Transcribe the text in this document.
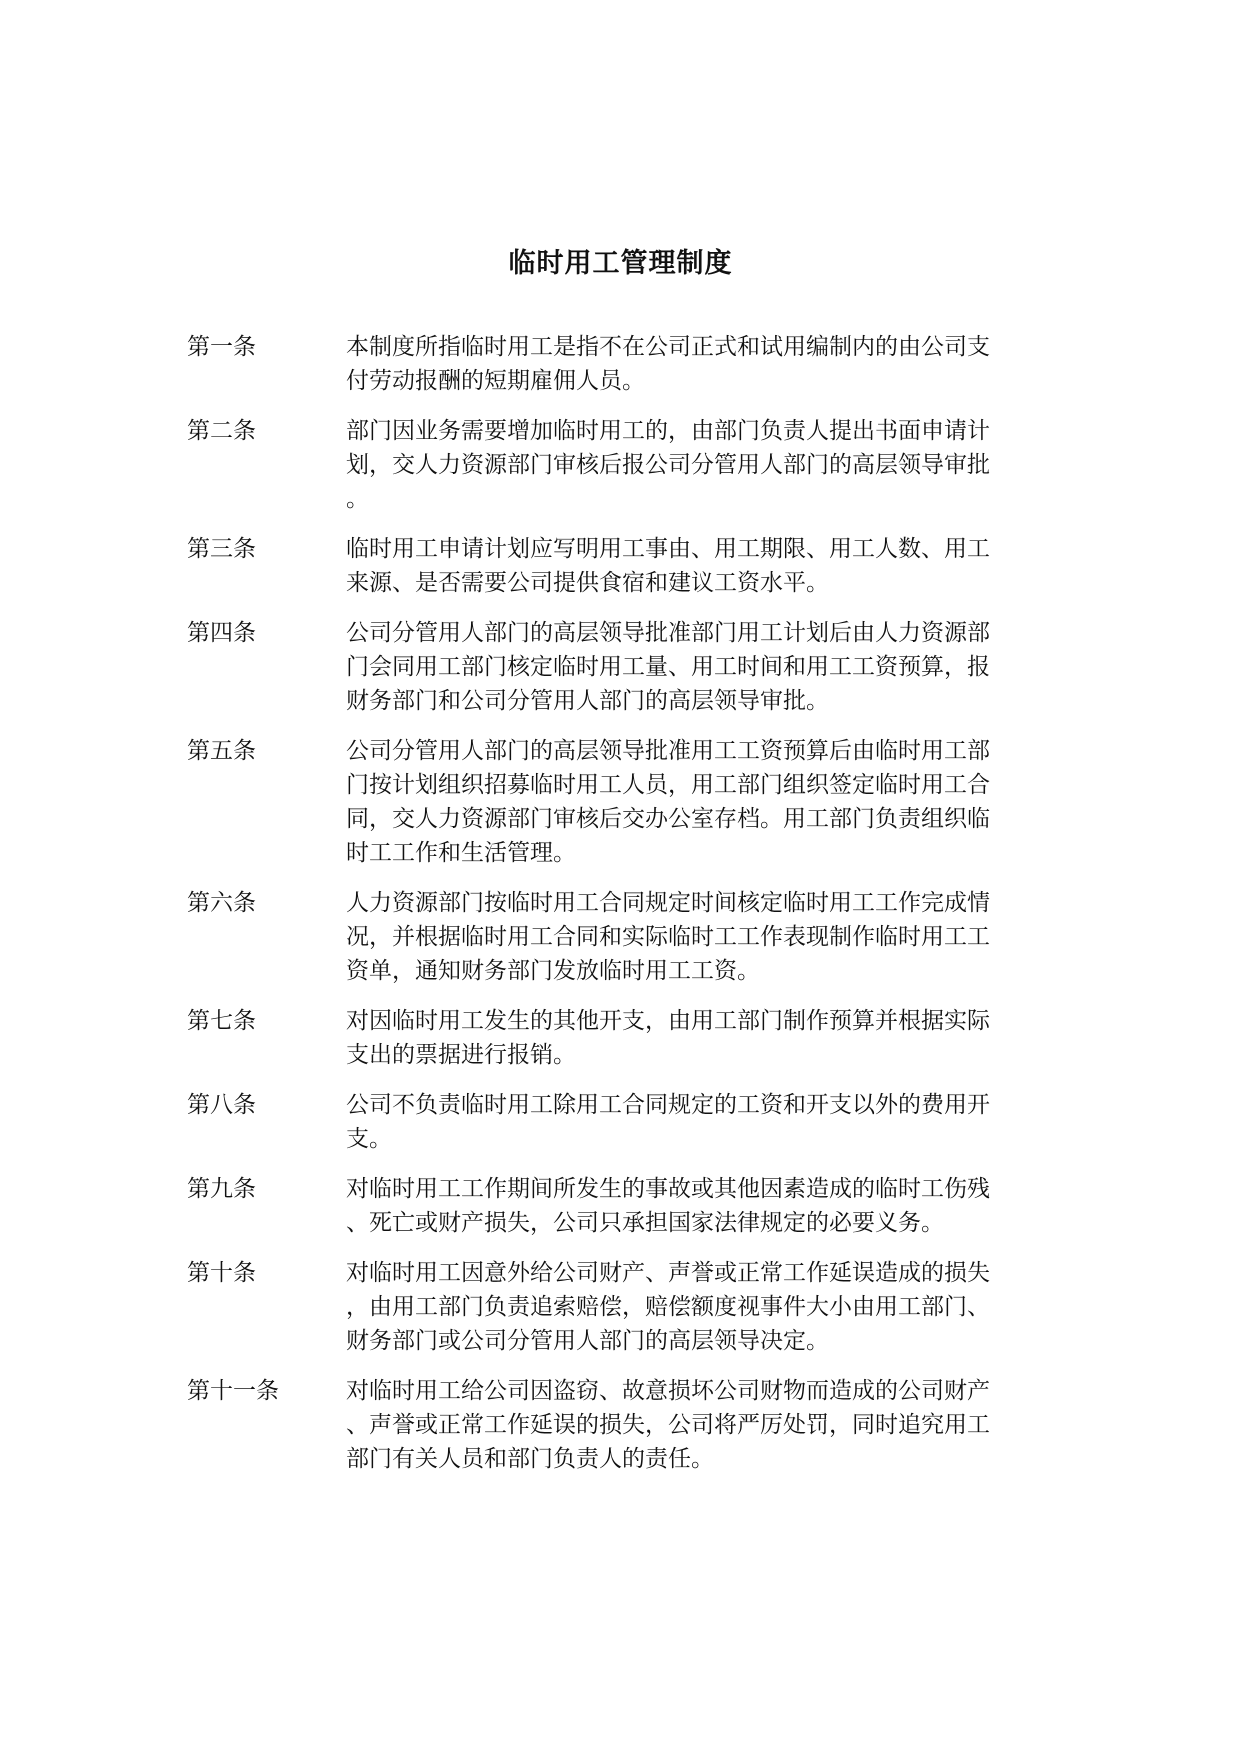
临时用工管理制度
第一条	本制度所指临时用工是指不在公司正式和试用编制内的由公司支
付劳动报酬的短期雇佣人员。
第二条	部门因业务需要增加临时用工的，由部门负责人提出书面申请计
划，交人力资源部门审核后报公司分管用人部门的高层领导审批
。
第三条	临时用工申请计划应写明用工事由、用工期限、用工人数、用工
来源、是否需要公司提供食宿和建议工资水平。
第四条	公司分管用人部门的高层领导批准部门用工计划后由人力资源部
门会同用工部门核定临时用工量、用工时间和用工工资预算，报
财务部门和公司分管用人部门的高层领导审批。
第五条	公司分管用人部门的高层领导批准用工工资预算后由临时用工部
门按计划组织招募临时用工人员，用工部门组织签定临时用工合
同，交人力资源部门审核后交办公室存档。用工部门负责组织临
时工工作和生活管理。
第六条	人力资源部门按临时用工合同规定时间核定临时用工工作完成情
况，并根据临时用工合同和实际临时工工作表现制作临时用工工
资单，通知财务部门发放临时用工工资。
第七条	对因临时用工发生的其他开支，由用工部门制作预算并根据实际
支出的票据进行报销。
第八条	公司不负责临时用工除用工合同规定的工资和开支以外的费用开
支。
第九条	对临时用工工作期间所发生的事故或其他因素造成的临时工伤残
、死亡或财产损失，公司只承担国家法律规定的必要义务。
第十条	对临时用工因意外给公司财产、声誉或正常工作延误造成的损失
，由用工部门负责追索赔偿，赔偿额度视事件大小由用工部门、
财务部门或公司分管用人部门的高层领导决定。
第十一条	对临时用工给公司因盗窃、故意损坏公司财物而造成的公司财产
、声誉或正常工作延误的损失，公司将严厉处罚，同时追究用工
部门有关人员和部门负责人的责任。
